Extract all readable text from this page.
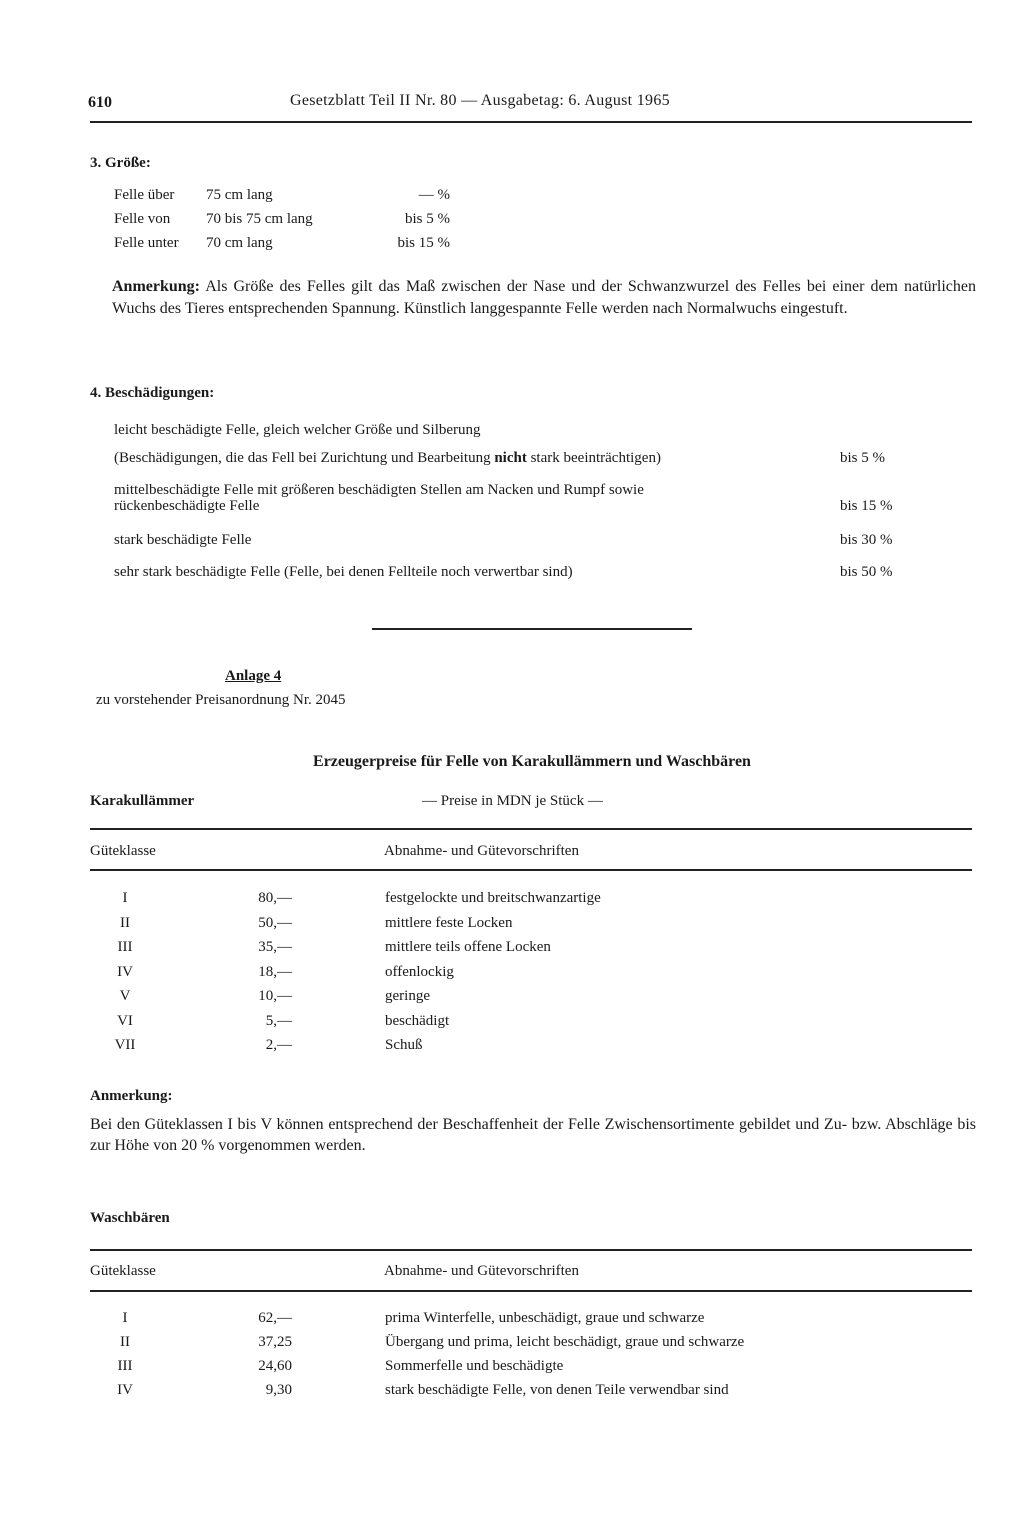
610	Gesetzblatt Teil II Nr. 80 — Ausgabetag: 6. August 1965
3. Größe:
Felle über 75 cm lang	— %
Felle von 70 bis 75 cm lang	bis 5 %
Felle unter 70 cm lang	bis 15 %
Anmerkung: Als Größe des Felles gilt das Maß zwischen der Nase und der Schwanzwurzel des Felles bei einer dem natürlichen Wuchs des Tieres entsprechenden Spannung. Künstlich langgespannte Felle werden nach Normalwuchs eingestuft.
4. Beschädigungen:
leicht beschädigte Felle, gleich welcher Größe und Silberung
(Beschädigungen, die das Fell bei Zurichtung und Bearbeitung nicht stark beeinträchtigen)	bis 5 %
mittelbeschädigte Felle mit größeren beschädigten Stellen am Nacken und Rumpf sowie
rückenbeschädigte Felle	bis 15 %
stark beschädigte Felle	bis 30 %
sehr stark beschädigte Felle (Felle, bei denen Fellteile noch verwertbar sind)	bis 50 %
Anlage 4
zu vorstehender Preisanordnung Nr. 2045
Erzeugerpreise für Felle von Karakullämmern und Waschbären
Karakullämmer	— Preise in MDN je Stück —
Güteklasse	Abnahme- und Gütevorschriften
I	80,—	festgelockte und breitschwanzartige
II	50,—	mittlere feste Locken
III	35,—	mittlere teils offene Locken
IV	18,—	offenlockig
V	10,—	geringe
VI	5,—	beschädigt
VII	2,—	Schuß
Anmerkung:
Bei den Güteklassen I bis V können entsprechend der Beschaffenheit der Felle Zwischensortimente gebildet und Zu- bzw. Abschläge bis zur Höhe von 20 % vorgenommen werden.
Waschbären
Güteklasse	Abnahme- und Gütevorschriften
I	62,—	prima Winterfelle, unbeschädigt, graue und schwarze
II	37,25	Übergang und prima, leicht beschädigt, graue und schwarze
III	24,60	Sommerfelle und beschädigte
IV	9,30	stark beschädigte Felle, von denen Teile verwendbar sind
